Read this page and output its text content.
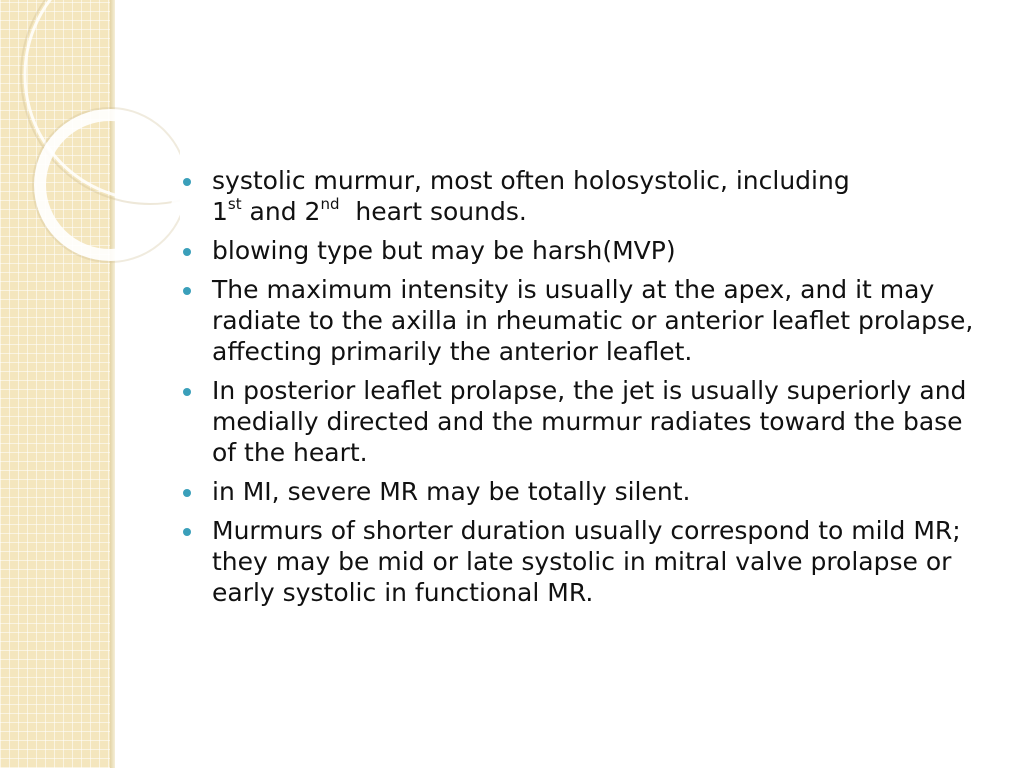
systolic murmur, most often holosystolic, including
1st and 2nd  heart sounds.
blowing type but may be harsh(MVP)
The maximum intensity is usually at the apex, and it may radiate to the axilla in rheumatic or anterior leaflet prolapse, affecting primarily the anterior leaflet.
In posterior leaflet prolapse, the jet is usually superiorly and medially directed and the murmur radiates toward the base of the heart.
in MI, severe MR may be totally silent.
Murmurs of shorter duration usually correspond to mild MR; they may be mid or late systolic in mitral valve prolapse or early systolic in functional MR.
